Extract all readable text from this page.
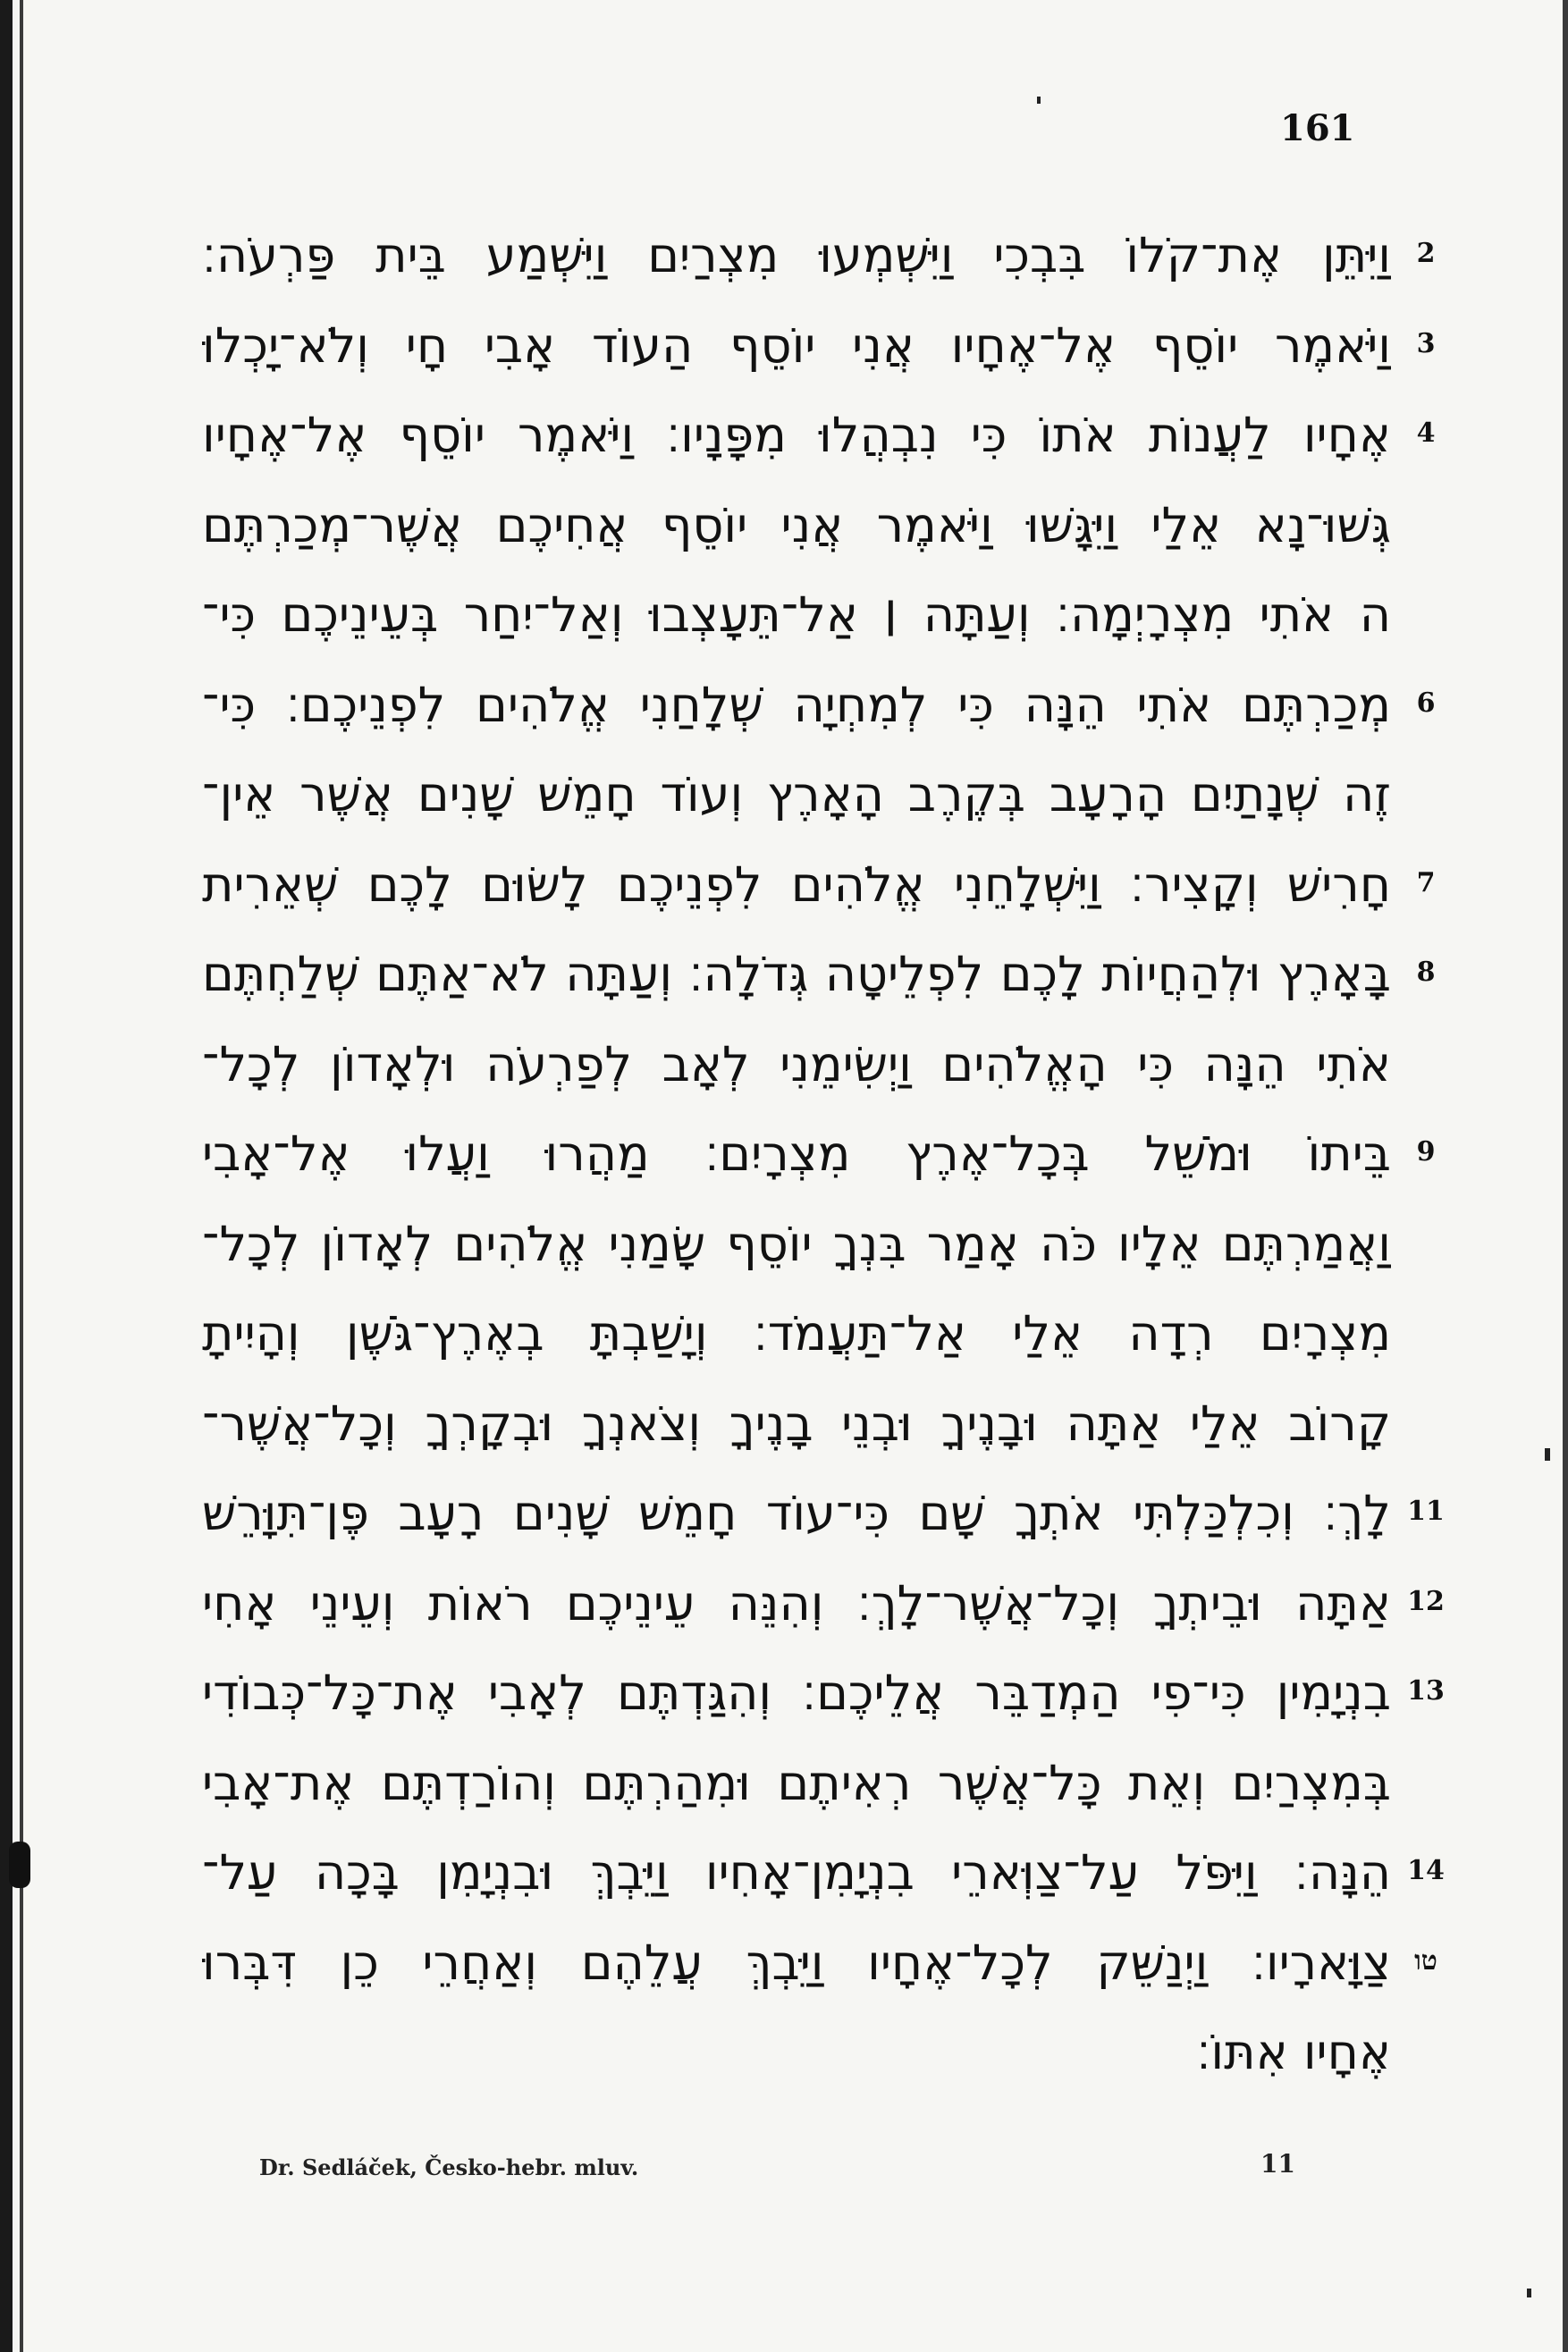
161
וַיִּתֵּן אֶת־קֹלוֹ בִּבְכִי וַיִּשְׁמְעוּ מִצְרַיִם וַיִּשְׁמַע בֵּית פַּרְעֹה׃ 2
וַיֹּאמֶר יוֹסֵף אֶל־אֶחָיו אֲנִי יוֹסֵף הַעוֹד אָבִי חָי וְלֹא־יָכְלוּ 3
אֶחָיו לַעֲנוֹת אֹתוֹ כִּי נִבְהֲלוּ מִפָּנָיו׃ וַיֹּאמֶר יוֹסֵף אֶל־אֶחָיו 4
גְּשׁוּ־נָא אֵלַי וַיִּגָּשׁוּ וַיֹּאמֶר אֲנִי יוֹסֵף אֲחִיכֶם אֲשֶׁר־מְכַרְתֶּם
ה אֹתִי מִצְרָיְמָה׃ וְעַתָּה ׀ אַל־תֵּעָצְבוּ וְאַל־יִחַר בְּעֵינֵיכֶם כִּי־
מְכַרְתֶּם אֹתִי הֵנָּה כִּי לְמִחְיָה שְׁלָחַנִי אֱלֹהִים לִפְנֵיכֶם׃ כִּי־ 6
זֶה שְׁנָתַיִם הָרָעָב בְּקֶרֶב הָאָרֶץ וְעוֹד חָמֵשׁ שָׁנִים אֲשֶׁר אֵין־
חָרִישׁ וְקָצִיר׃ וַיִּשְׁלָחֵנִי אֱלֹהִים לִפְנֵיכֶם לָשׂוּם לָכֶם שְׁאֵרִית 7
בָּאָרֶץ וּלְהַחֲיוֹת לָכֶם לִפְלֵיטָה גְּדֹלָה׃ וְעַתָּה לֹא־אַתֶּם שְׁלַחְתֶּם 8
אֹתִי הֵנָּה כִּי הָאֱלֹהִים וַיְשִׂימֵנִי לְאָב לְפַרְעֹה וּלְאָדוֹן לְכָל־
בֵּיתוֹ וּמֹשֵׁל בְּכָל־אֶרֶץ מִצְרָיִם׃ מַהֲרוּ וַעֲלוּ אֶל־אָבִי 9
וַאֲמַרְתֶּם אֵלָיו כֹּה אָמַר בִּנְךָ יוֹסֵף שָׂמַנִי אֱלֹהִים לְאָדוֹן לְכָל־
מִצְרָיִם רְדָה אֵלַי אַל־תַּעֲמֹד׃ וְיָשַׁבְתָּ בְאֶרֶץ־גֹּשֶׁן וְהָיִיתָ
קָרוֹב אֵלַי אַתָּה וּבָנֶיךָ וּבְנֵי בָנֶיךָ וְצֹאנְךָ וּבְקָרְךָ וְכָל־אֲשֶׁר־
לָךְ׃ וְכִלְכַּלְתִּי אֹתְךָ שָׁם כִּי־עוֹד חָמֵשׁ שָׁנִים רָעָב פֶּן־תִּוָּרֵשׁ 11
אַתָּה וּבֵיתְךָ וְכָל־אֲשֶׁר־לָךְ׃ וְהִנֵּה עֵינֵיכֶם רֹאוֹת וְעֵינֵי אָחִי 12
בִנְיָמִין כִּי־פִי הַמְדַבֵּר אֲלֵיכֶם׃ וְהִגַּדְתֶּם לְאָבִי אֶת־כָּל־כְּבוֹדִי 13
בְּמִצְרַיִם וְאֵת כָּל־אֲשֶׁר רְאִיתֶם וּמִהַרְתֶּם וְהוֹרַדְתֶּם אֶת־אָבִי
הֵנָּה׃ וַיִּפֹּל עַל־צַוְּארֵי בִנְיָמִן־אָחִיו וַיֵּבְךְּ וּבִנְיָמִן בָּכָה עַל־ 14
צַוָּארָיו׃ וַיְנַשֵּׁק לְכָל־אֶחָיו וַיֵּבְךְּ עֲלֵהֶם וְאַחֲרֵי כֵן דִּבְּרוּ טו
אֶחָיו אִתּוֹ׃
Dr. Sedláček, Česko-hebr. mluv.	11
